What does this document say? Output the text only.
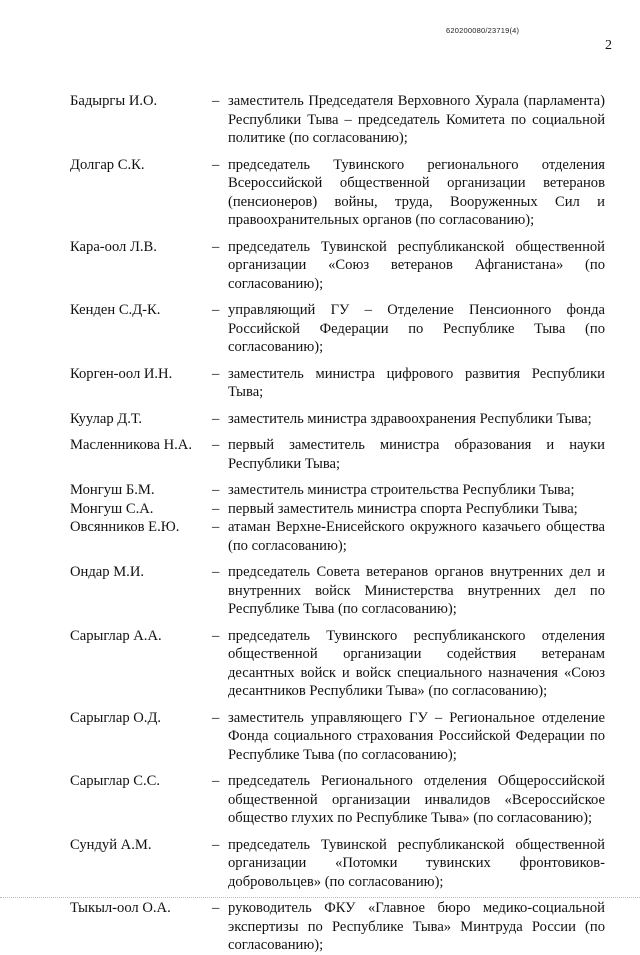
620200080/23719(4)
2
Бадыргы И.О.	– заместитель Председателя Верховного Хурала (парламента) Республики Тыва – председатель Комитета по социальной политике (по согласованию);
Долгар С.К.	– председатель Тувинского регионального отделения Всероссийской общественной организации ветеранов (пенсионеров) войны, труда, Вооруженных Сил и правоохранительных органов (по согласованию);
Кара-оол Л.В.	– председатель Тувинской республиканской общественной организации «Союз ветеранов Афганистана» (по согласованию);
Кенден С.Д-К.	– управляющий ГУ – Отделение Пенсионного фонда Российской Федерации по Республике Тыва (по согласованию);
Корген-оол И.Н.	– заместитель министра цифрового развития Республики Тыва;
Куулар Д.Т.	– заместитель министра здравоохранения Республики Тыва;
Масленникова Н.А.	– первый заместитель министра образования и науки Республики Тыва;
Монгуш Б.М.	– заместитель министра строительства Республики Тыва;
Монгуш С.А.	– первый заместитель министра спорта Республики Тыва;
Овсянников Е.Ю.	– атаман Верхне-Енисейского окружного казачьего общества (по согласованию);
Ондар М.И.	– председатель Совета ветеранов органов внутренних дел и внутренних войск Министерства внутренних дел по Республике Тыва (по согласованию);
Сарыглар А.А.	– председатель Тувинского республиканского отделения общественной организации содействия ветеранам десантных войск и войск специального назначения «Союз десантников Республики Тыва» (по согласованию);
Сарыглар О.Д.	– заместитель управляющего ГУ – Региональное отделение Фонда социального страхования Российской Федерации по Республике Тыва (по согласованию);
Сарыглар С.С.	– председатель Регионального отделения Общероссийской общественной организации инвалидов «Всероссийское общество глухих по Республике Тыва» (по согласованию);
Сундуй А.М.	– председатель Тувинской республиканской общественной организации «Потомки тувинских фронтовиков-добровольцев» (по согласованию);
Тыкыл-оол О.А.	– руководитель ФКУ «Главное бюро медико-социальной экспертизы по Республике Тыва» Минтруда России (по согласованию);
